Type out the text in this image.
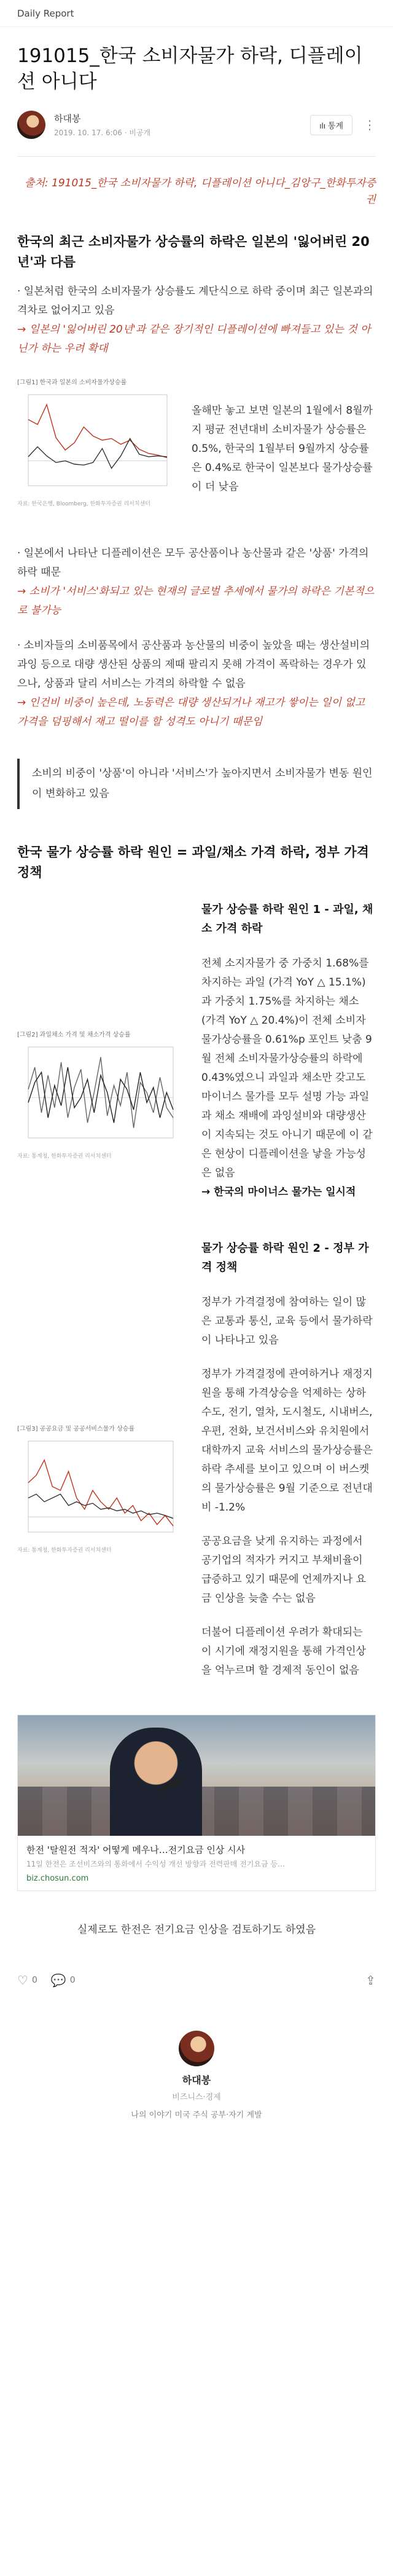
Daily Report
191015_한국 소비자물가 하락, 디플레이션 아니다
하대봉
2019. 10. 17. 6:06 · 비공개
ılı 통계	⋮

출처: 191015_한국 소비자물가 하락, 디플레이션 아니다_김앙구_한화투자증권

한국의 최근 소비자물가 상승률의 하락은 일본의 '잃어버린 20년'과 다름

· 일본처럼 한국의 소비자물가 상승률도 계단식으로 하락 중이며 최근 일본과의 격차로 없어지고 있음
→ 일본의 '잃어버린 20년'과 같은 장기적인 디플레이션에 빠져들고 있는 것 아닌가 하는 우려 확대

[그림1] 한국과 일본의 소비자물가상승률
자료: 한국은행, Bloomberg, 한화투자증권 리서치센터
올해만 놓고 보면 일본의 1월에서 8월까지 평균 전년대비 소비자물가 상승률은 0.5%, 한국의 1월부터 9월까지 상승률은 0.4%로 한국이 일본보다 물가상승률이 더 낮음

· 일본에서 나타난 디플레이션은 모두 공산품이나 농산물과 같은 '상품' 가격의 하락 때문
→ 소비가 '서비스'화되고 있는 현재의 글로벌 추세에서 물가의 하락은 기본적으로 불가능

· 소비자들의 소비품목에서 공산품과 농산물의 비중이 높았을 때는 생산설비의 과잉 등으로 대량 생산된 상품의 제때 팔리지 못해 가격이 폭락하는 경우가 있으나, 상품과 달리 서비스는 가격의 하락할 수 없음
→ 인건비 비중이 높은데, 노동력은 대량 생산되거나 재고가 쌓이는 일이 없고 가격을 덤핑해서 재고 떨이를 할 성격도 아니기 때문임

소비의 비중이 '상품'이 아니라 '서비스'가 높아지면서 소비자물가 변동 원인이 변화하고 있음
한국 물가 상승률 하락 원인 = 과일/채소 가격 하락, 정부 가격 정책
[그림2] 과일채소 가격 및 채소가격 상승률
자료: 통계청, 한화투자증권 리서치센터
물가 상승률 하락 원인 1 - 과일, 채소 가격 하락
전체 소지자물가 중 가중치 1.68%를 차지하는 과일 (가격 YoY △ 15.1%)과 가중치 1.75%를 차지하는 채소 (가격 YoY △ 20.4%)이 전체 소비자물가상승률을 0.61%p 포인트 낮춤 9월 전체 소비자물가상승률의 하락에 0.43%였으니 과일과 채소만 갖고도 마이너스 물가를 모두 설명 가능 과일과 채소 재배에 과잉설비와 대량생산이 지속되는 것도 아니기 때문에 이 같은 현상이 디플레이션을 낳을 가능성은 없음
→ 한국의 마이너스 물가는 일시적
[그림3] 공공요금 및 공공서비스물가 상승률
자료: 통계청, 한화투자증권 리서치센터
물가 상승률 하락 원인 2 - 정부 가격 정책
정부가 가격결정에 참여하는 일이 많은 교통과 통신, 교육 등에서 물가하락이 나타나고 있음
정부가 가격결정에 관여하거나 재정지원을 통해 가격상승을 억제하는 상하수도, 전기, 열차, 도시철도, 시내버스, 우편, 전화, 보건서비스와 유치원에서 대학까지 교육 서비스의 물가상승률은 하락 추세를 보이고 있으며 이 버스켓의 물가상승률은 9월 기준으로 전년대비 -1.2%
공공요금을 낮게 유지하는 과정에서 공기업의 적자가 커지고 부채비율이 급증하고 있기 때문에 언제까지나 요금 인상을 늦출 수는 없음
더불어 디플레이션 우려가 확대되는 이 시기에 재정지원을 통해 가격인상을 억누르며 할 경제적 동인이 없음
한전 '탈원전 적자' 어떻게 메우나…전기요금 인상 시사
11일 한전은 조선비즈와의 통화에서 수익성 개선 방향과 전력판매 전기요금 등…
biz.chosun.com

실제로도 한전은 전기요금 인상을 검토하기도 하였음

♡ 0 💬 0	⇪
하대봉
비즈니스·경제
나의 이야기 미국 주식 공부·자기 계발
